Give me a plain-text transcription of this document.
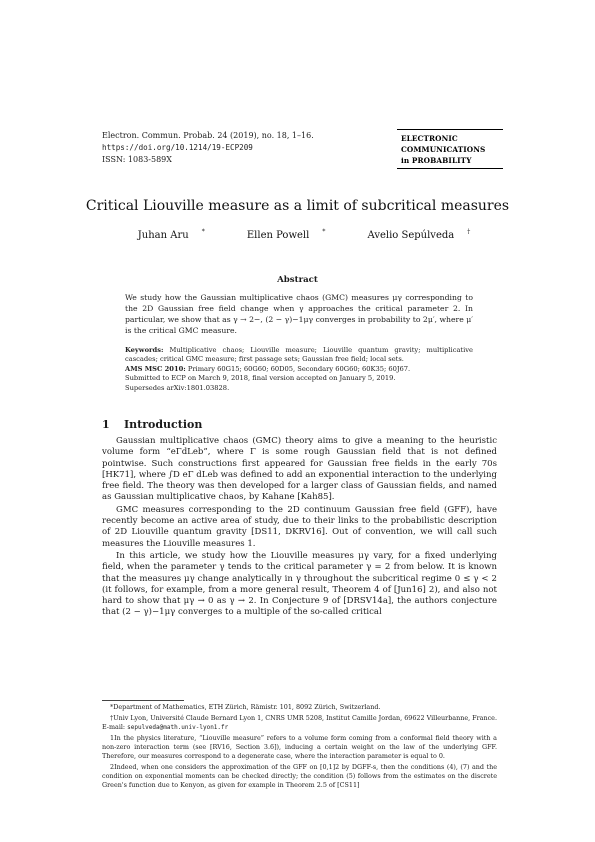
Electron. Commun. Probab. 24 (2019), no. 18, 1–16.
https://doi.org/10.1214/19-ECP209
ISSN: 1083-589X
ELECTRONIC
COMMUNICATIONS
in PROBABILITY
Critical Liouville measure as a limit of subcritical measures
Juhan Aru *	Ellen Powell *	Avelio Sepúlveda †
Abstract
We study how the Gaussian multiplicative chaos (GMC) measures μγ corresponding to the 2D Gaussian free field change when γ approaches the critical parameter 2. In particular, we show that as γ → 2−, (2 − γ)−1μγ converges in probability to 2μ′, where μ′ is the critical GMC measure.
Keywords: Multiplicative chaos; Liouville measure; Liouville quantum gravity; multiplicative cascades; critical GMC measure; first passage sets; Gaussian free field; local sets.
AMS MSC 2010: Primary 60G15; 60G60; 60D05, Secondary 60G60; 60K35; 60J67.
Submitted to ECP on March 9, 2018, final version accepted on January 5, 2019.
Supersedes arXiv:1801.03828.
1 Introduction

Gaussian multiplicative chaos (GMC) theory aims to give a meaning to the heuristic volume form “eΓdLeb”, where Γ is some rough Gaussian field that is not defined pointwise. Such constructions first appeared for Gaussian free fields in the early 70s [HK71], where ∫D eΓ dLeb was defined to add an exponential interaction to the underlying free field. The theory was then developed for a larger class of Gaussian fields, and named as Gaussian multiplicative chaos, by Kahane [Kah85].

GMC measures corresponding to the 2D continuum Gaussian free field (GFF), have recently become an active area of study, due to their links to the probabilistic description of 2D Liouville quantum gravity [DS11, DKRV16]. Out of convention, we will call such measures the Liouville measures 1.

In this article, we study how the Liouville measures μγ vary, for a fixed underlying field, when the parameter γ tends to the critical parameter γ = 2 from below. It is known that the measures μγ change analytically in γ throughout the subcritical regime 0 ≤ γ < 2 (it follows, for example, from a more general result, Theorem 4 of [Jun16] 2), and also not hard to show that μγ → 0 as γ → 2. In Conjecture 9 of [DRSV14a], the authors conjecture that (2 − γ)−1μγ converges to a multiple of the so-called critical

*Department of Mathematics, ETH Zürich, Rämistr. 101, 8092 Zürich, Switzerland.

†Univ Lyon, Université Claude Bernard Lyon 1, CNRS UMR 5208, Institut Camille Jordan, 69622 Villeurbanne, France. E-mail: sepulveda@math.univ-lyon1.fr

1In the physics literature, “Liouville measure” refers to a volume form coming from a conformal field theory with a non-zero interaction term (see [RV16, Section 3.6]), inducing a certain weight on the law of the underlying GFF. Therefore, our measures correspond to a degenerate case, where the interaction parameter is equal to 0.

2Indeed, when one considers the approximation of the GFF on [0,1]2 by DGFF-s, then the conditions (4), (7) and the condition on exponential moments can be checked directly; the condition (5) follows from the estimates on the discrete Green's function due to Kenyon, as given for example in Theorem 2.5 of [CS11]
